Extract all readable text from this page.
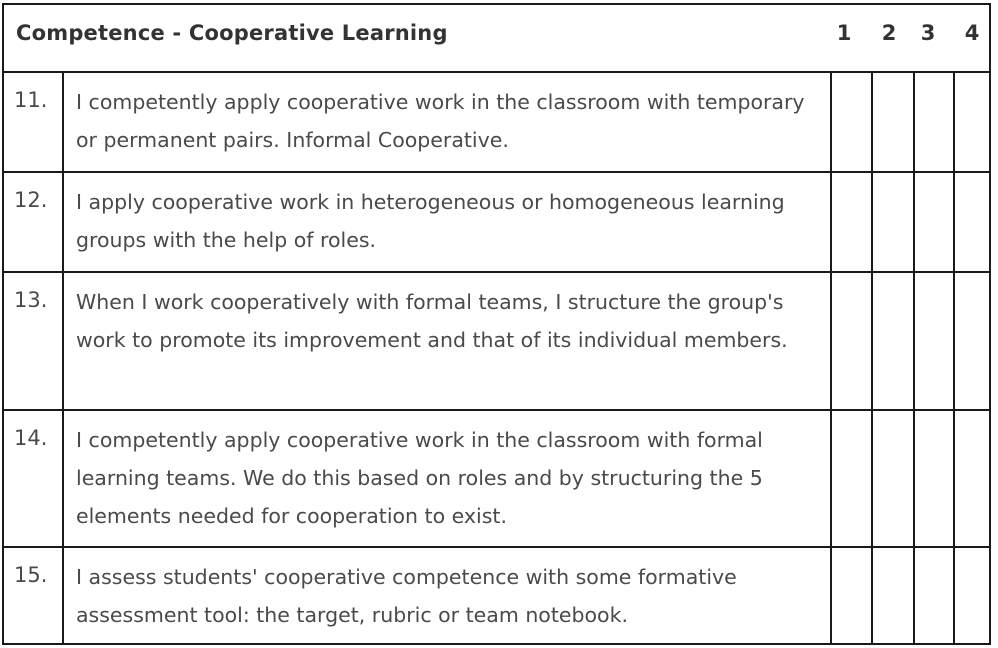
Competence - Cooperative Learning	1	2	3	4
11.	I competently apply cooperative work in the classroom with temporary or permanent pairs. Informal Cooperative.
12.	I apply cooperative work in heterogeneous or homogeneous learning groups with the help of roles.
13.	When I work cooperatively with formal teams, I structure the group's work to promote its improvement and that of its individual members.
14.	I competently apply cooperative work in the classroom with formal learning teams. We do this based on roles and by structuring the 5 elements needed for cooperation to exist.
15.	I assess students' cooperative competence with some formative assessment tool: the target, rubric or team notebook.
